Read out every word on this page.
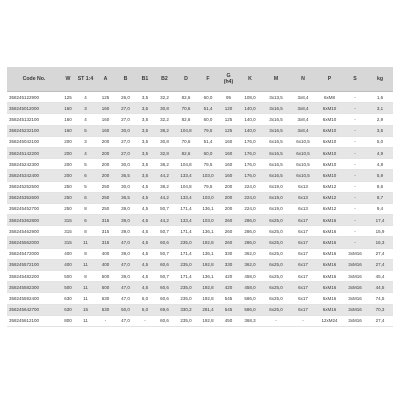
Code No.	W	ST 1:4	A	B	B1	B2	D	F	G
(h4)	K	M	N	P	S	kg
358245122900	125	4	125	26,0	3,5	32,2	82,6	60,0	95	108,0	3x13,5	3x8,4	6xM8	-	1,6
358245012000	160	3	160	27,0	3,5	30,8	70,6	51,4	120	140,0	3x16,5	3x8,4	6xM10	-	3,1
358245132100	160	4	160	27,0	3,5	32,2	82,6	60,0	125	140,0	3x16,5	3x8,4	6xM10	-	2,9
358245232100	160	5	160	30,0	3,5	38,2	104,8	79,5	125	140,0	3x16,5	3x8,4	6xM10	-	3,5
358245042100	200	3	200	27,0	3,5	30,8	70,6	51,4	160	176,0	6x16,5	6x10,5	6xM10	-	5,0
358245142200	200	4	200	27,0	3,5	32,8	82,6	60,0	160	176,0	6x16,5	6x10,5	6xM10	-	4,9
358245242300	200	5	200	30,0	3,5	38,2	104,8	79,5	160	176,0	6x16,5	6x10,5	6xM10	-	4,8
358245342400	200	6	200	36,5	3,5	44,2	133,4	103,0	160	176,0	6x16,5	6x10,5	6xM10	-	5,9
358245252500	250	5	250	30,0	4,5	38,2	104,8	79,5	200	224,0	6x19,0	6x13	6xM12	-	8,6
358245352600	250	6	250	36,5	4,5	44,2	133,4	103,0	200	224,0	6x19,0	6x13	6xM12	-	8,7
358245452700	250	8	250	39,0	4,5	50,7	171,4	136,1	200	224,0	6x19,0	6x13	6xM12	-	9,4
358245362800	315	6	315	39,0	4,5	44,2	133,4	103,0	260	286,0	6x25,0	6x17	6xM16	-	17,4
358245462900	315	8	315	39,0	4,5	50,7	171,4	136,1	260	286,0	6x25,0	6x17	6xM16	-	15,9
358245562000	315	11	315	47,0	4,5	60,6	235,0	192,8	260	286,0	6x25,0	6x17	6xM16	-	16,3
358245472000	400	8	400	39,0	4,5	50,7	171,4	136,1	330	362,0	6x25,0	6x17	6xM16	3xM16	27,4
358245572100	400	11	400	47,0	4,5	60,6	235,0	192,8	330	362,0	6x25,0	6x17	6xM16	3xM16	27,4
358245482200	500	8	500	39,0	4,5	50,7	171,4	136,1	420	458,0	6x25,0	6x17	6xM16	3xM16	45,4
358245582300	500	11	500	47,0	4,5	60,6	235,0	192,8	420	458,0	6x25,0	6x17	6xM16	3xM16	44,5
358245592400	630	11	630	47,0	6,0	60,6	235,0	192,8	545	586,0	6x25,0	6x17	6xM16	3xM16	74,5
358245642700	630	15	630	50,0	6,0	69,6	330,2	281,4	545	586,0	6x25,0	6x17	6xM16	3xM16	70,3
358245612100	800	11	-	47,0	-	60,6	235,0	192,8	450	368,3	-	-	12xM24	3xM16	27,4
